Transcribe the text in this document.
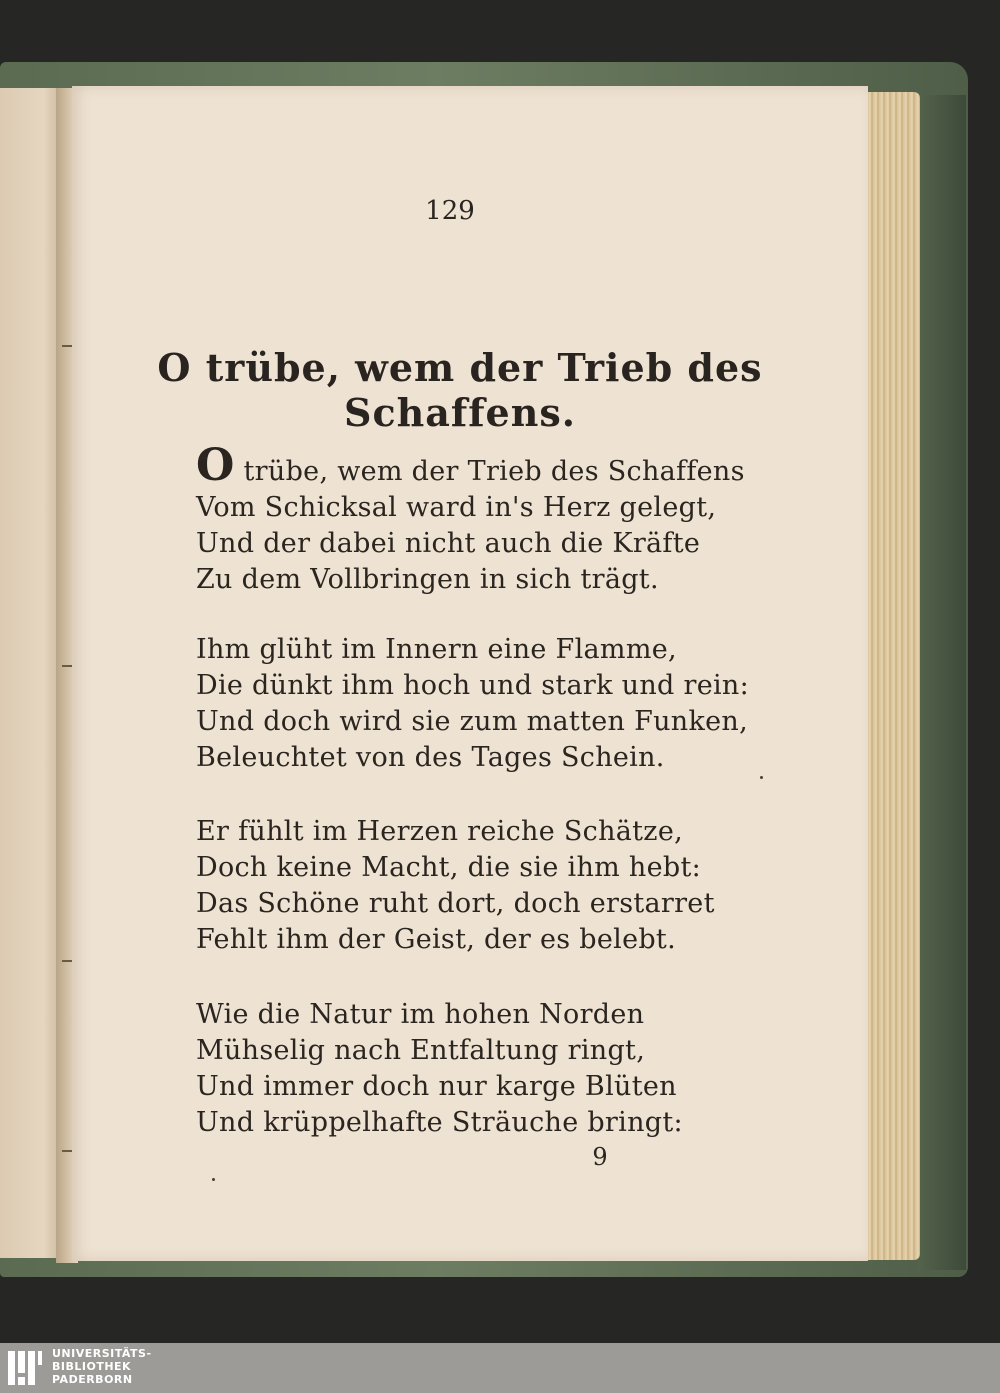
129
O trübe, wem der Trieb des Schaffens.
O trübe, wem der Trieb des Schaffens
Vom Schicksal ward in's Herz gelegt,
Und der dabei nicht auch die Kräfte
Zu dem Vollbringen in sich trägt.
Ihm glüht im Innern eine Flamme,
Die dünkt ihm hoch und stark und rein:
Und doch wird sie zum matten Funken,
Beleuchtet von des Tages Schein.
Er fühlt im Herzen reiche Schätze,
Doch keine Macht, die sie ihm hebt:
Das Schöne ruht dort, doch erstarret
Fehlt ihm der Geist, der es belebt.
Wie die Natur im hohen Norden
Mühselig nach Entfaltung ringt,
Und immer doch nur karge Blüten
Und krüppelhafte Sträuche bringt:
9
UNIVERSITÄTS-
BIBLIOTHEK
PADERBORN
